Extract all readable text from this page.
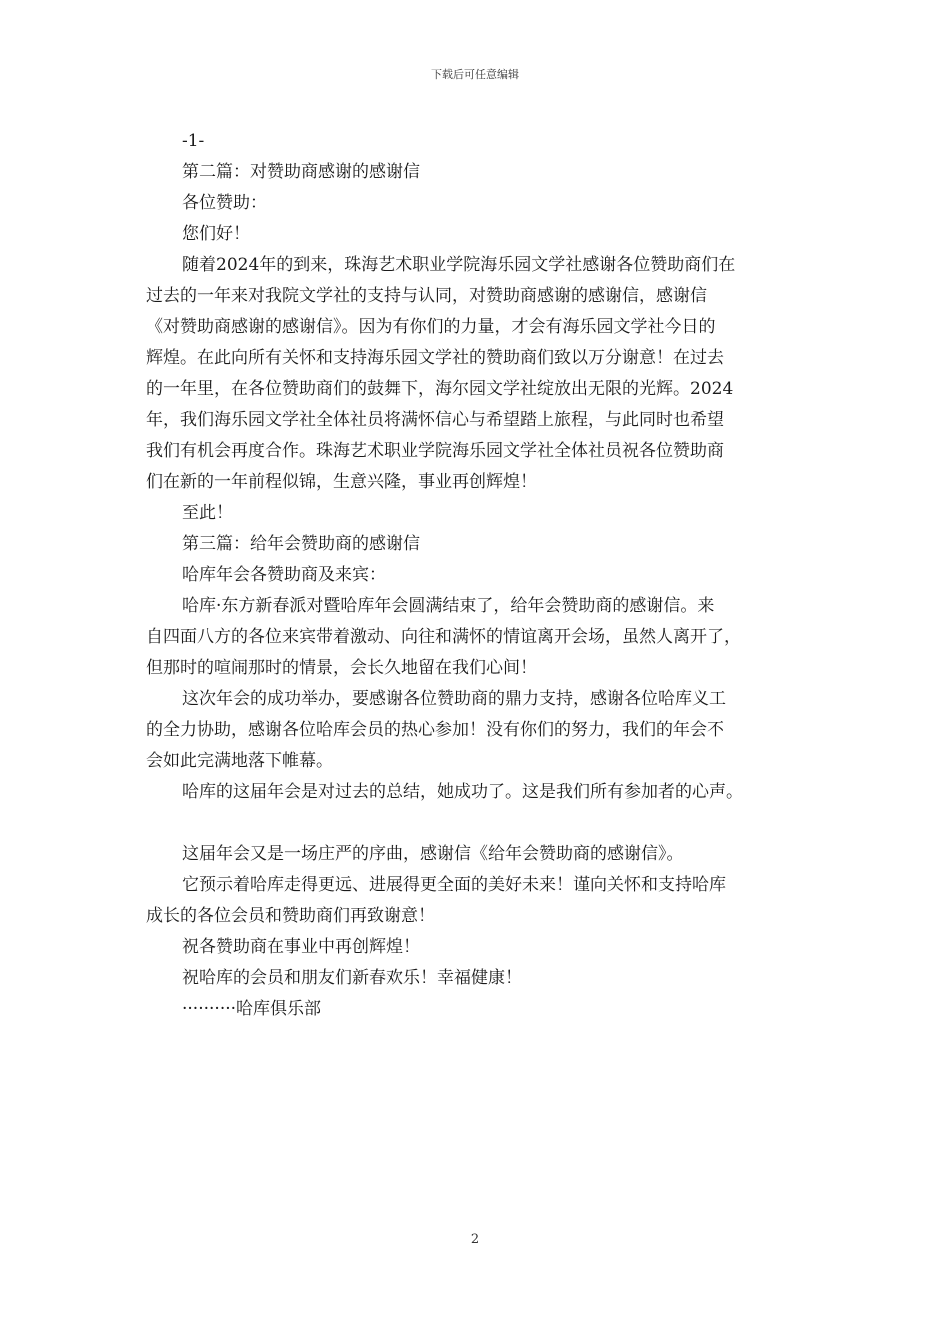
下载后可任意编辑
-1-
第二篇：对赞助商感谢的感谢信
各位赞助：
您们好！
随着2024年的到来，珠海艺术职业学院海乐园文学社感谢各位赞助商们在
过去的一年来对我院文学社的支持与认同，对赞助商感谢的感谢信，感谢信
《对赞助商感谢的感谢信》。因为有你们的力量，才会有海乐园文学社今日的
辉煌。在此向所有关怀和支持海乐园文学社的赞助商们致以万分谢意！在过去
的一年里，在各位赞助商们的鼓舞下，海尔园文学社绽放出无限的光辉。2024
年，我们海乐园文学社全体社员将满怀信心与希望踏上旅程，与此同时也希望
我们有机会再度合作。珠海艺术职业学院海乐园文学社全体社员祝各位赞助商
们在新的一年前程似锦，生意兴隆，事业再创辉煌！
至此！
第三篇：给年会赞助商的感谢信
哈库年会各赞助商及来宾：
哈库·东方新春派对暨哈库年会圆满结束了，给年会赞助商的感谢信。来
自四面八方的各位来宾带着激动、向往和满怀的情谊离开会场，虽然人离开了，
但那时的喧闹那时的情景，会长久地留在我们心间！
这次年会的成功举办，要感谢各位赞助商的鼎力支持，感谢各位哈库义工
的全力协助，感谢各位哈库会员的热心参加！没有你们的努力，我们的年会不
会如此完满地落下帷幕。
哈库的这届年会是对过去的总结，她成功了。这是我们所有参加者的心声。
这届年会又是一场庄严的序曲，感谢信《给年会赞助商的感谢信》。
它预示着哈库走得更远、进展得更全面的美好未来！谨向关怀和支持哈库
成长的各位会员和赞助商们再致谢意！
祝各赞助商在事业中再创辉煌！
祝哈库的会员和朋友们新春欢乐！幸福健康！
··········哈库俱乐部
2
